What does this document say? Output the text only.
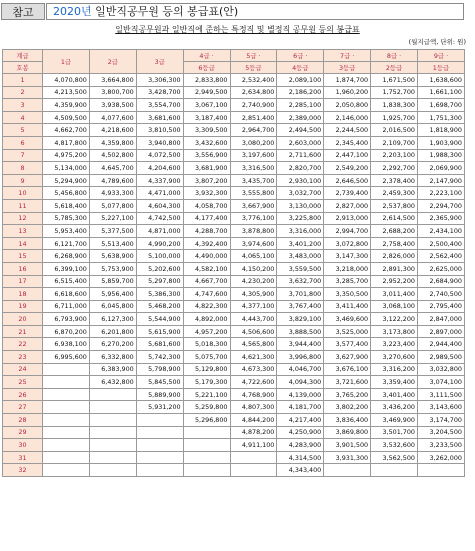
참고	2020년 일반직공무원 등의 봉급표(안)
일반직공무원과 일반직에 준하는 특정직 및 별정직 공무원 등의 봉급표
(월지급액, 단위: 원)
계급	1급	2급	3급	4급 ·	5급 ·	6급 ·	7급 ·	8급 ·	9급 ·
호봉				6등급	5등급	4등급	3등급	2등급	1등급
1	4,070,800	3,664,800	3,306,300	2,833,800	2,532,400	2,089,100	1,874,700	1,671,500	1,638,600
2	4,213,500	3,800,700	3,428,700	2,949,500	2,634,800	2,186,200	1,960,200	1,752,700	1,661,100
3	4,359,900	3,938,500	3,554,700	3,067,100	2,740,900	2,285,100	2,050,800	1,838,300	1,698,700
4	4,509,500	4,077,600	3,681,600	3,187,400	2,851,400	2,389,000	2,146,000	1,925,700	1,751,300
5	4,662,700	4,218,600	3,810,500	3,309,500	2,964,700	2,494,500	2,244,500	2,016,500	1,818,900
6	4,817,800	4,359,800	3,940,800	3,432,600	3,080,200	2,603,000	2,345,400	2,109,700	1,903,900
7	4,975,200	4,502,800	4,072,500	3,556,900	3,197,600	2,711,600	2,447,100	2,203,100	1,988,300
8	5,134,000	4,645,700	4,204,600	3,681,900	3,316,500	2,820,700	2,549,200	2,292,700	2,069,900
9	5,294,900	4,789,600	4,337,900	3,807,200	3,435,700	2,930,100	2,646,500	2,378,400	2,147,900
10	5,456,800	4,933,300	4,471,000	3,932,300	3,555,800	3,032,700	2,739,400	2,459,300	2,223,100
11	5,618,400	5,077,800	4,604,300	4,058,700	3,667,900	3,130,000	2,827,000	2,537,800	2,294,700
12	5,785,300	5,227,100	4,742,500	4,177,400	3,776,100	3,225,800	2,913,000	2,614,500	2,365,900
13	5,953,400	5,377,500	4,871,000	4,288,700	3,878,800	3,316,000	2,994,700	2,688,200	2,434,100
14	6,121,700	5,513,400	4,990,200	4,392,400	3,974,600	3,401,200	3,072,800	2,758,400	2,500,400
15	6,268,900	5,638,900	5,100,000	4,490,000	4,065,100	3,483,000	3,147,300	2,826,000	2,562,400
16	6,399,100	5,753,900	5,202,600	4,582,100	4,150,200	3,559,500	3,218,000	2,891,300	2,625,000
17	6,515,400	5,859,700	5,297,800	4,667,700	4,230,200	3,632,700	3,285,700	2,952,200	2,684,900
18	6,618,600	5,956,400	5,386,300	4,747,600	4,305,900	3,701,800	3,350,500	3,011,400	2,740,500
19	6,711,000	6,045,800	5,468,200	4,822,300	4,377,100	3,767,400	3,411,400	3,068,100	2,795,400
20	6,793,900	6,127,300	5,544,900	4,892,000	4,443,700	3,829,100	3,469,600	3,122,200	2,847,000
21	6,870,200	6,201,800	5,615,900	4,957,200	4,506,600	3,888,500	3,525,000	3,173,800	2,897,000
22	6,938,100	6,270,200	5,681,600	5,018,300	4,565,800	3,944,400	3,577,400	3,223,400	2,944,400
23	6,995,600	6,332,800	5,742,300	5,075,700	4,621,300	3,996,800	3,627,900	3,270,600	2,989,500
24		6,383,900	5,798,900	5,129,800	4,673,300	4,046,700	3,676,100	3,316,200	3,032,800
25		6,432,800	5,845,500	5,179,300	4,722,600	4,094,300	3,721,600	3,359,400	3,074,100
26			5,889,900	5,221,100	4,768,900	4,139,000	3,765,200	3,401,400	3,111,500
27			5,931,200	5,259,800	4,807,300	4,181,700	3,802,200	3,436,200	3,143,600
28				5,296,800	4,844,200	4,217,400	3,836,400	3,469,900	3,174,700
29					4,878,200	4,250,900	3,869,800	3,501,700	3,204,500
30					4,911,100	4,283,900	3,901,500	3,532,600	3,233,500
31						4,314,500	3,931,300	3,562,500	3,262,000
32						4,343,400			
